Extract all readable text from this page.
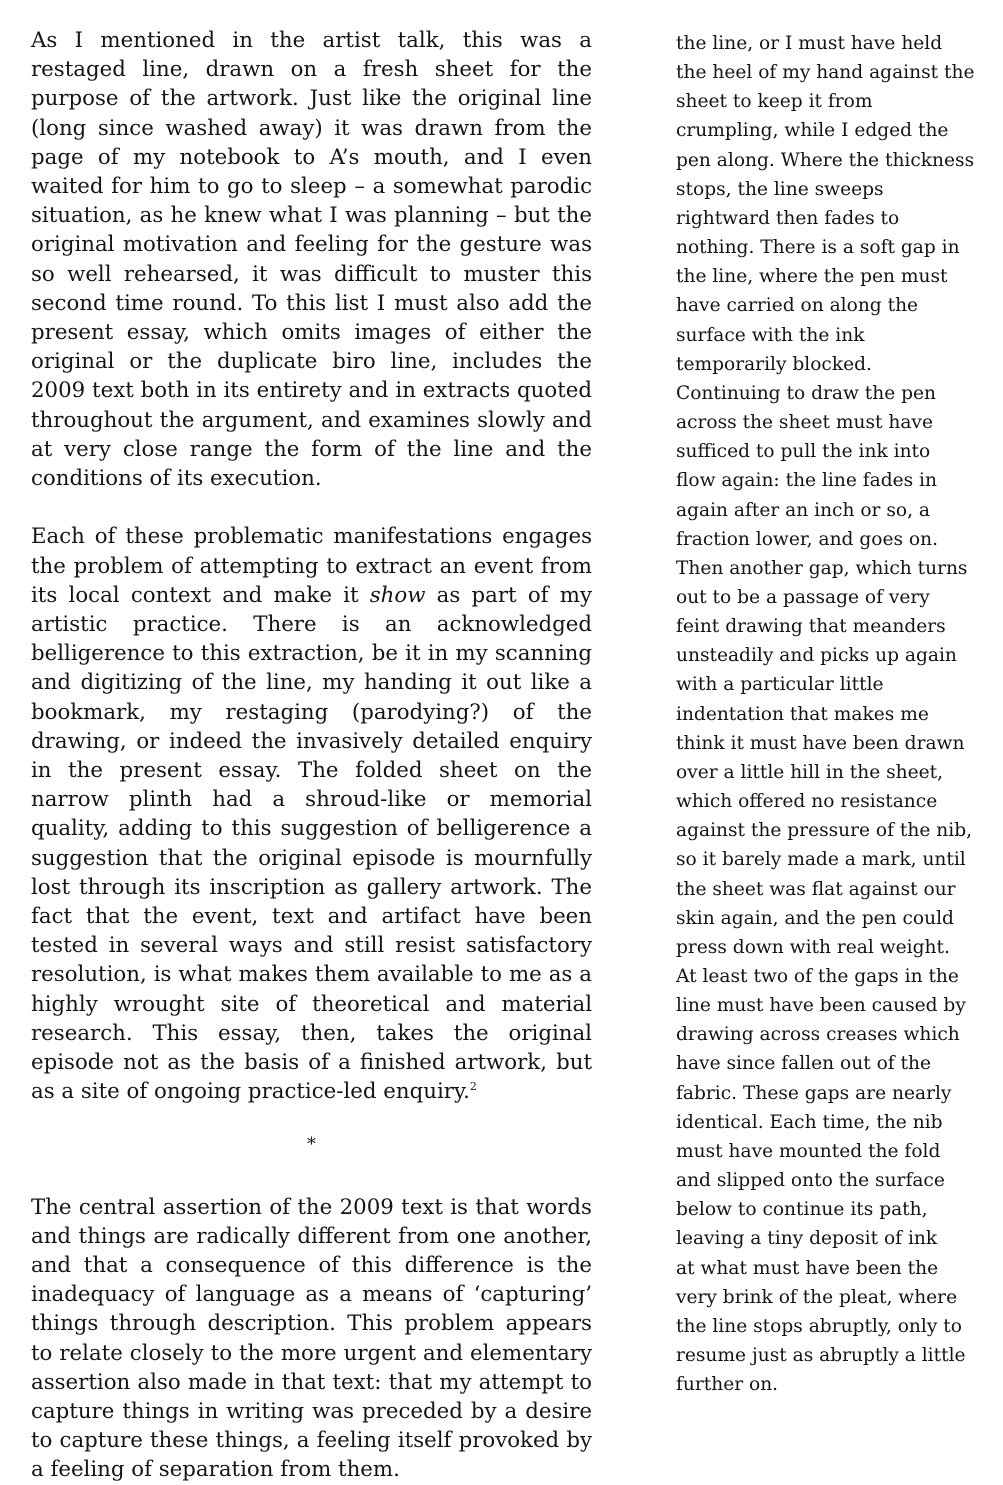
As I mentioned in the artist talk, this was a restaged line, drawn on a fresh sheet for the purpose of the artwork. Just like the original line (long since washed away) it was drawn from the page of my notebook to A’s mouth, and I even waited for him to go to sleep – a somewhat parodic situation, as he knew what I was planning – but the original motivation and feeling for the gesture was so well rehearsed, it was difficult to muster this second time round. To this list I must also add the present essay, which omits images of either the original or the duplicate biro line, includes the 2009 text both in its entirety and in extracts quoted throughout the argument, and examines slowly and at very close range the form of the line and the conditions of its execution.

Each of these problematic manifestations engages the problem of attempting to extract an event from its local context and make it show as part of my artistic practice. There is an acknowledged belligerence to this extraction, be it in my scanning and digitizing of the line, my handing it out like a bookmark, my restaging (parodying?) of the drawing, or indeed the invasively detailed enquiry in the present essay. The folded sheet on the narrow plinth had a shroud-like or memorial quality, adding to this suggestion of belligerence a suggestion that the original episode is mournfully lost through its inscription as gallery artwork. The fact that the event, text and artifact have been tested in several ways and still resist satisfactory resolution, is what makes them available to me as a highly wrought site of theoretical and material research. This essay, then, takes the original episode not as the basis of a finished artwork, but as a site of ongoing practice-led enquiry.$^2$

*

The central assertion of the 2009 text is that words and things are radically different from one another, and that a consequence of this difference is the inadequacy of language as a means of ‘capturing’ things through description. This problem appears to relate closely to the more urgent and elementary assertion also made in that text: that my attempt to capture things in writing was preceded by a desire to capture these things, a feeling itself provoked by a feeling of separation from them.

the line, or I must have held
the heel of my hand against the
sheet to keep it from
crumpling, while I edged the
pen along. Where the thickness
stops, the line sweeps
rightward then fades to
nothing. There is a soft gap in
the line, where the pen must
have carried on along the
surface with the ink
temporarily blocked.
Continuing to draw the pen
across the sheet must have
sufficed to pull the ink into
flow again: the line fades in
again after an inch or so, a
fraction lower, and goes on.
Then another gap, which turns
out to be a passage of very
feint drawing that meanders
unsteadily and picks up again
with a particular little
indentation that makes me
think it must have been drawn
over a little hill in the sheet,
which offered no resistance
against the pressure of the nib,
so it barely made a mark, until
the sheet was flat against our
skin again, and the pen could
press down with real weight.
At least two of the gaps in the
line must have been caused by
drawing across creases which
have since fallen out of the
fabric. These gaps are nearly
identical. Each time, the nib
must have mounted the fold
and slipped onto the surface
below to continue its path,
leaving a tiny deposit of ink
at what must have been the
very brink of the pleat, where
the line stops abruptly, only to
resume just as abruptly a little
further on.
